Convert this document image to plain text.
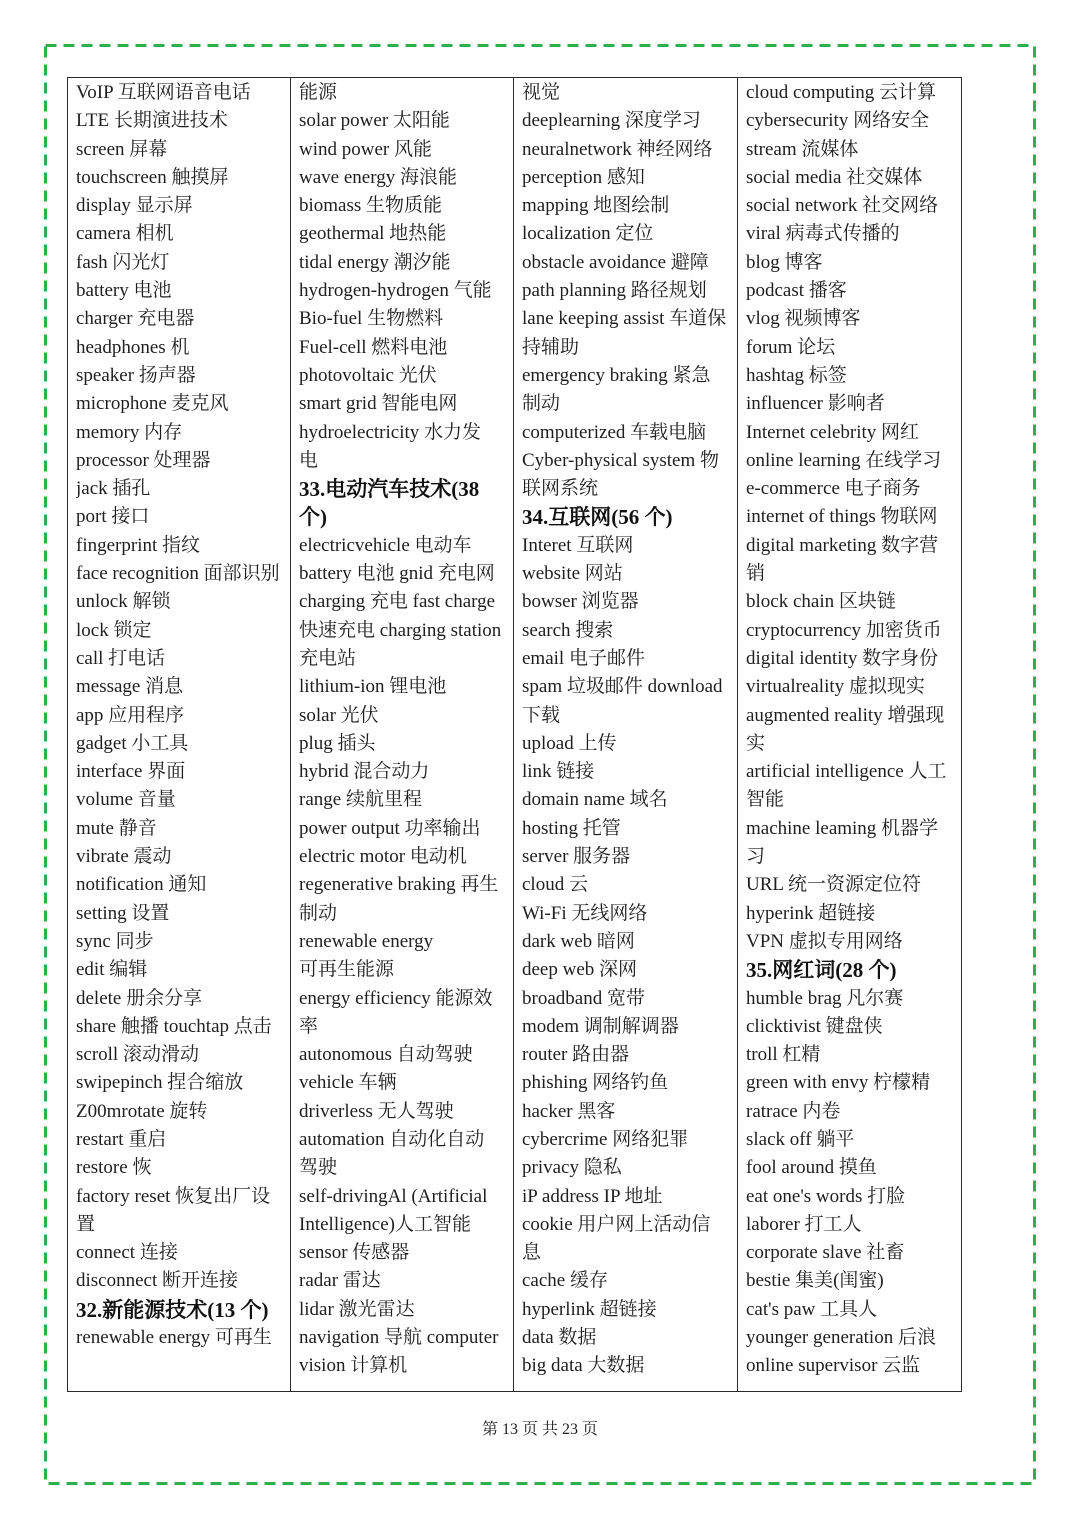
VoIP 互联网语音电话
LTE 长期演进技术
screen 屏幕
touchscreen 触摸屏
display 显示屏
camera 相机
fash 闪光灯
battery 电池
charger 充电器
headphones 机
speaker 扬声器
microphone 麦克风
memory 内存
processor 处理器
jack 插孔
port 接口
fingerprint 指纹
face recognition 面部识别
unlock 解锁
lock 锁定
call 打电话
message 消息
app 应用程序
gadget 小工具
interface 界面
volume 音量
mute 静音
vibrate 震动
notification 通知
setting 设置
sync 同步
edit 编辑
delete 册余分享
share 触播 touchtap 点击
scroll 滚动滑动
swipepinch 捏合缩放
Z00mrotate 旋转
restart 重启
restore 恢
factory reset 恢复出厂设
置
connect 连接
disconnect 断开连接
32.新能源技术(13 个)
renewable energy 可再生
能源
solar power 太阳能
wind power 风能
wave energy 海浪能
biomass 生物质能
geothermal 地热能
tidal energy 潮汐能
hydrogen-hydrogen 气能
Bio-fuel 生物燃料
Fuel-cell 燃料电池
photovoltaic 光伏
smart grid 智能电网
hydroelectricity 水力发
电
33.电动汽车技术(38
个)
electricvehicle 电动车
battery 电池 gnid 充电网
charging 充电 fast charge
快速充电 charging station
充电站
lithium-ion 锂电池
solar 光伏
plug 插头
hybrid 混合动力
range 续航里程
power output 功率输出
electric motor 电动机
regenerative braking 再生
制动
renewable energy
可再生能源
energy efficiency 能源效
率
autonomous 自动驾驶
vehicle 车辆
driverless 无人驾驶
automation 自动化自动
驾驶
self-drivingAl (Artificial
Intelligence)人工智能
sensor 传感器
radar 雷达
lidar 激光雷达
navigation 导航 computer
vision 计算机
视觉
deeplearning 深度学习
neuralnetwork 神经网络
perception 感知
mapping 地图绘制
localization 定位
obstacle avoidance 避障
path planning 路径规划
lane keeping assist 车道保
持辅助
emergency braking 紧急
制动
computerized 车载电脑
Cyber-physical system 物
联网系统
34.互联网(56 个)
Interet 互联网
website 网站
bowser 浏览器
search 搜索
email 电子邮件
spam 垃圾邮件 download
下载
upload 上传
link 链接
domain name 域名
hosting 托管
server 服务器
cloud 云
Wi-Fi 无线网络
dark web 暗网
deep web 深网
broadband 宽带
modem 调制解调器
router 路由器
phishing 网络钓鱼
hacker 黑客
cybercrime 网络犯罪
privacy 隐私
iP address IP 地址
cookie 用户网上活动信
息
cache 缓存
hyperlink 超链接
data 数据
big data 大数据
cloud computing 云计算
cybersecurity 网络安全
stream 流媒体
social media 社交媒体
social network 社交网络
viral 病毒式传播的
blog 博客
podcast 播客
vlog 视频博客
forum 论坛
hashtag 标签
influencer 影响者
Internet celebrity 网红
online learning 在线学习
e-commerce 电子商务
internet of things 物联网
digital marketing 数字营
销
block chain 区块链
cryptocurrency 加密货币
digital identity 数字身份
virtualreality 虚拟现实
augmented reality 增强现
实
artificial intelligence 人工
智能
machine leaming 机器学
习
URL 统一资源定位符
hyperink 超链接
VPN 虚拟专用网络
35.网红词(28 个)
humble brag 凡尔赛
clicktivist 键盘侠
troll 杠精
green with envy 柠檬精
ratrace 内卷
slack off 躺平
fool around 摸鱼
eat one's words 打脸
laborer 打工人
corporate slave 社畜
bestie 集美(闺蜜)
cat's paw 工具人
younger generation 后浪
online supervisor 云监
第 13 页 共 23 页
